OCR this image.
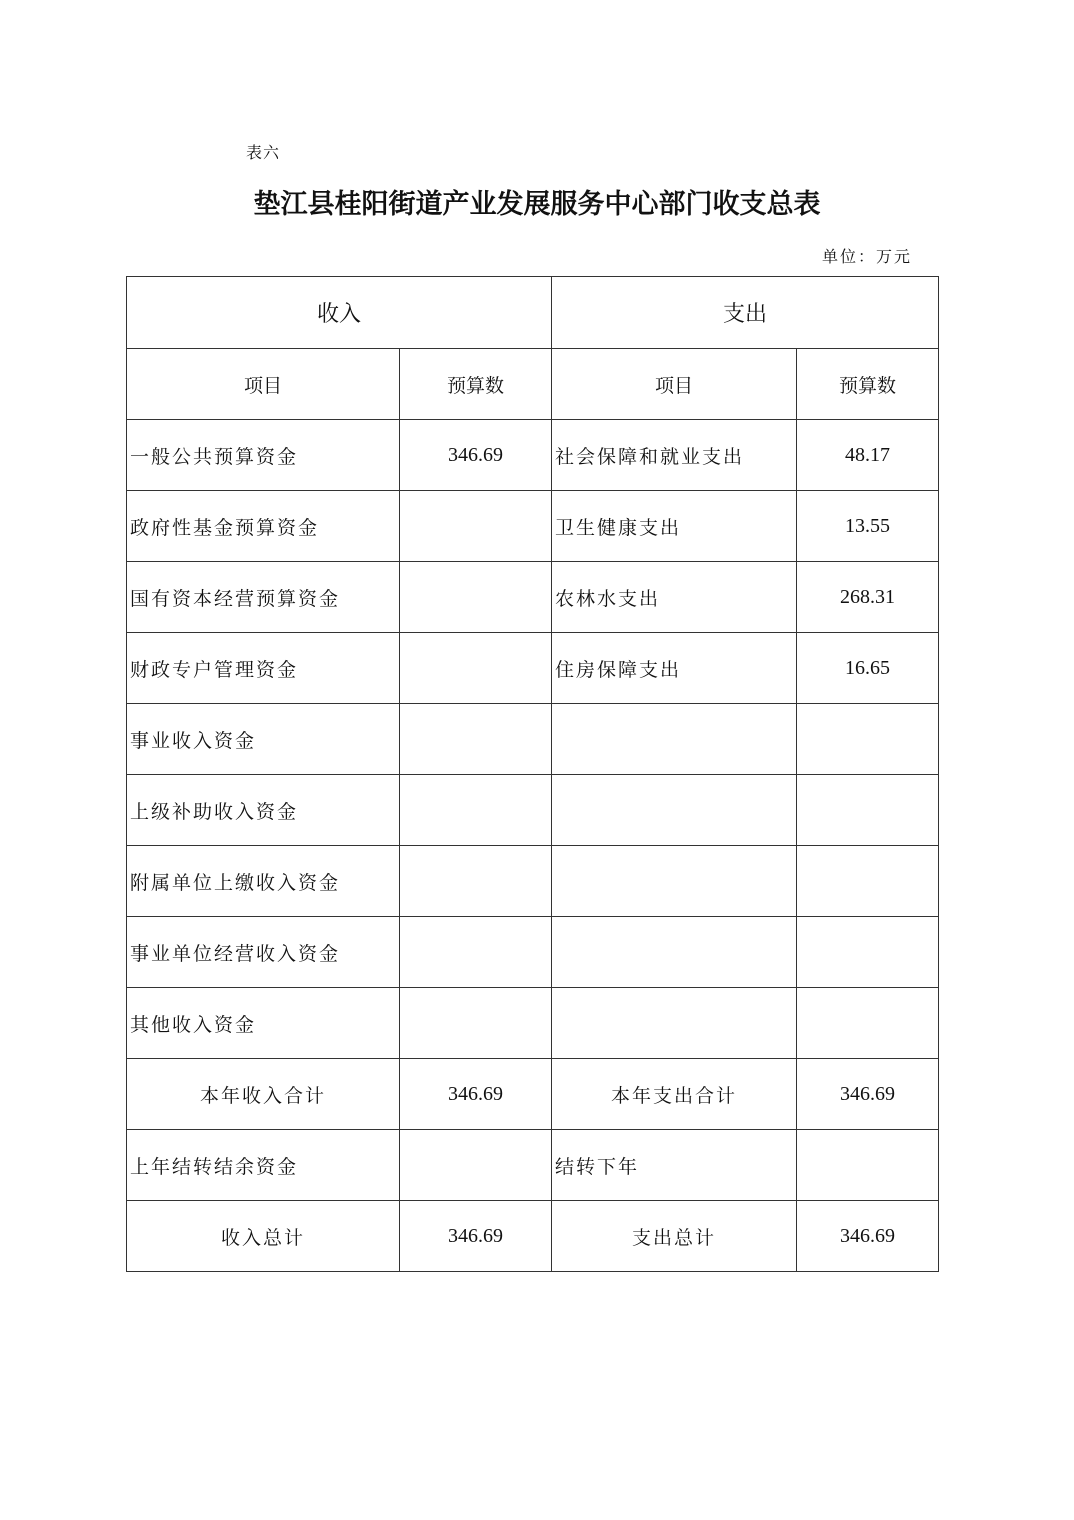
表六
垫江县桂阳街道产业发展服务中心部门收支总表
单位：万元
收入		支出	
项目	预算数	项目	预算数
一般公共预算资金	346.69	社会保障和就业支出	48.17
政府性基金预算资金		卫生健康支出	13.55
国有资本经营预算资金		农林水支出	268.31
财政专户管理资金		住房保障支出	16.65
事业收入资金			
上级补助收入资金			
附属单位上缴收入资金			
事业单位经营收入资金			
其他收入资金			
本年收入合计	346.69	本年支出合计	346.69
上年结转结余资金		结转下年	
收入总计	346.69	支出总计	346.69
